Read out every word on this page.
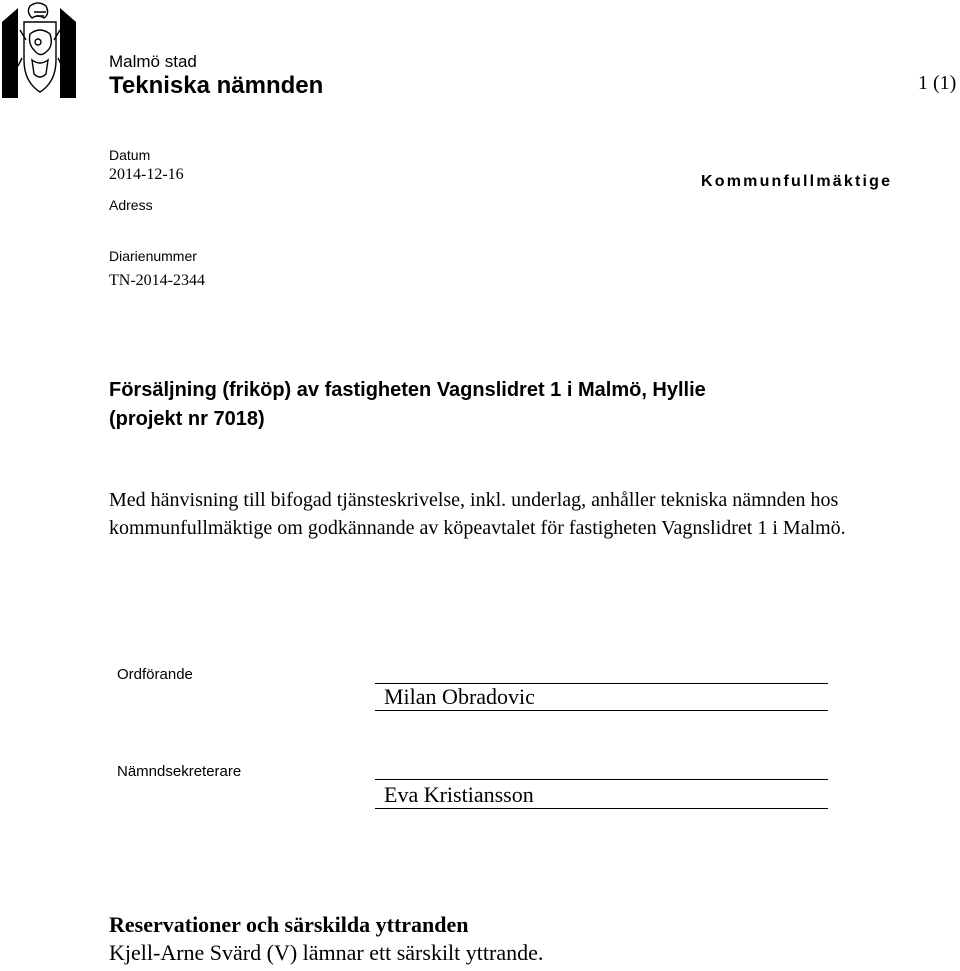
Malmö stad
Tekniska nämnden	1 (1)
Datum
2014-12-16
Adress
Kommunfullmäktige
Diarienummer
TN-2014-2344
Försäljning (friköp) av fastigheten Vagnslidret 1 i Malmö, Hyllie
(projekt nr 7018)
Med hänvisning till bifogad tjänsteskrivelse, inkl. underlag, anhåller tekniska nämnden hos
kommunfullmäktige om godkännande av köpeavtalet för fastigheten Vagnslidret 1 i Malmö.
Ordförande
Milan Obradovic
Nämndsekreterare
Eva Kristiansson
Reservationer och särskilda yttranden
Kjell-Arne Svärd (V) lämnar ett särskilt yttrande.
